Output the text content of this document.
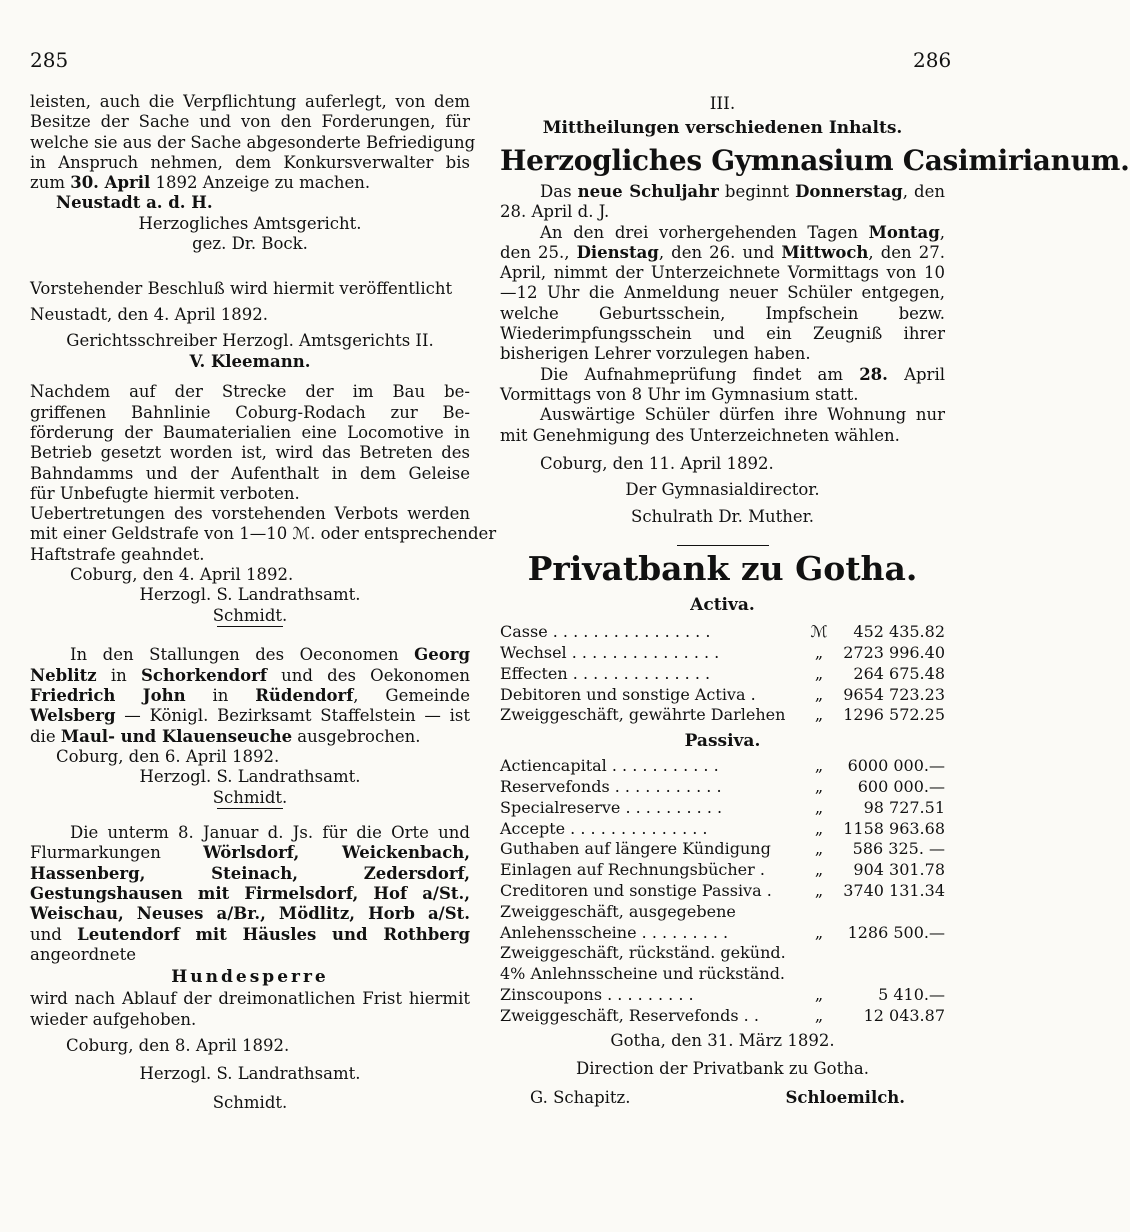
285	286

leisten, auch die Verpflichtung auferlegt, von dem

Besitze der Sache und von den Forderungen, für

welche sie aus der Sache abgesonderte Befriedigung

in Anspruch nehmen, dem Konkursverwalter bis

zum 30. April 1892 Anzeige zu machen.

Neustadt a. d. H.

Herzogliches Amtsgericht.

gez. Dr. Bock.

Vorstehender Beschluß wird hiermit veröffentlicht

Neustadt, den 4. April 1892.

Gerichtsschreiber Herzogl. Amtsgerichts II.

V. Kleemann.

Nachdem auf der Strecke der im Bau be-

griffenen Bahnlinie Coburg-Rodach zur Be-

förderung der Baumaterialien eine Locomotive in

Betrieb gesetzt worden ist, wird das Betreten des

Bahndamms und der Aufenthalt in dem Geleise

für Unbefugte hiermit verboten.

Uebertretungen des vorstehenden Verbots werden

mit einer Geldstrafe von 1—10 ℳ. oder entsprechender

Haftstrafe geahndet.

Coburg, den 4. April 1892.

Herzogl. S. Landrathsamt.

Schmidt.

In den Stallungen des Oeconomen Georg Neblitz in Schorkendorf und des Oekonomen Friedrich John in Rüdendorf, Gemeinde Welsberg — Königl. Bezirksamt Staffelstein — ist die Maul- und Klauenseuche ausgebrochen.

Coburg, den 6. April 1892.

Herzogl. S. Landrathsamt.

Schmidt.

Die unterm 8. Januar d. Js. für die Orte und Flurmarkungen Wörlsdorf, Weickenbach, Hassenberg, Steinach, Zedersdorf, Gestungshausen mit Firmelsdorf, Hof a/St., Weischau, Neuses a/Br., Mödlitz, Horb a/St. und Leutendorf mit Häusles und Rothberg angeordnete

Hundesperre

wird nach Ablauf der dreimonatlichen Frist hiermit wieder aufgehoben.

Coburg, den 8. April 1892.

Herzogl. S. Landrathsamt.

Schmidt.

III.

Mittheilungen verschiedenen Inhalts.

Herzogliches Gymnasium Casimirianum.

Das neue Schuljahr beginnt Donnerstag, den 28. April d. J.

An den drei vorhergehenden Tagen Montag, den 25., Dienstag, den 26. und Mittwoch, den 27. April, nimmt der Unterzeichnete Vormittags von 10—12 Uhr die Anmeldung neuer Schüler entgegen, welche Geburtsschein, Impfschein bezw. Wiederimpfungsschein und ein Zeugniß ihrer bisherigen Lehrer vorzulegen haben.

Die Aufnahmeprüfung findet am 28. April Vormittags von 8 Uhr im Gymnasium statt.

Auswärtige Schüler dürfen ihre Wohnung nur mit Genehmigung des Unterzeichneten wählen.

Coburg, den 11. April 1892.

Der Gymnasialdirector.

Schulrath Dr. Muther.

Privatbank zu Gotha.

Activa.

Casse . . . . . . . . . . . . . . . .	ℳ	452 435.82
Wechsel . . . . . . . . . . . . . . .	„	2723 996.40
Effecten . . . . . . . . . . . . . .	„	264 675.48
Debitoren und sonstige Activa .	„	9654 723.23
Zweiggeschäft, gewährte Darlehen	„	1296 572.25

Passiva.

Actiencapital . . . . . . . . . . .	„	6000 000.—
Reservefonds . . . . . . . . . . .	„	600 000.—
Specialreserve . . . . . . . . . .	„	98 727.51
Accepte . . . . . . . . . . . . . .	„	1158 963.68
Guthaben auf längere Kündigung	„	586 325. —
Einlagen auf Rechnungsbücher .	„	904 301.78
Creditoren und sonstige Passiva .	„	3740 131.34
Zweiggeschäft, ausgegebene Anlehensscheine . . . . . . . . .	„	1286 500.—
Zweiggeschäft, rückständ. gekünd. 4% Anlehnsscheine und rückständ. Zinscoupons . . . . . . . . .	„	5 410.—
Zweiggeschäft, Reservefonds . .	„	12 043.87

Gotha, den 31. März 1892.

Direction der Privatbank zu Gotha.

G. Schapitz.	Schloemilch.
